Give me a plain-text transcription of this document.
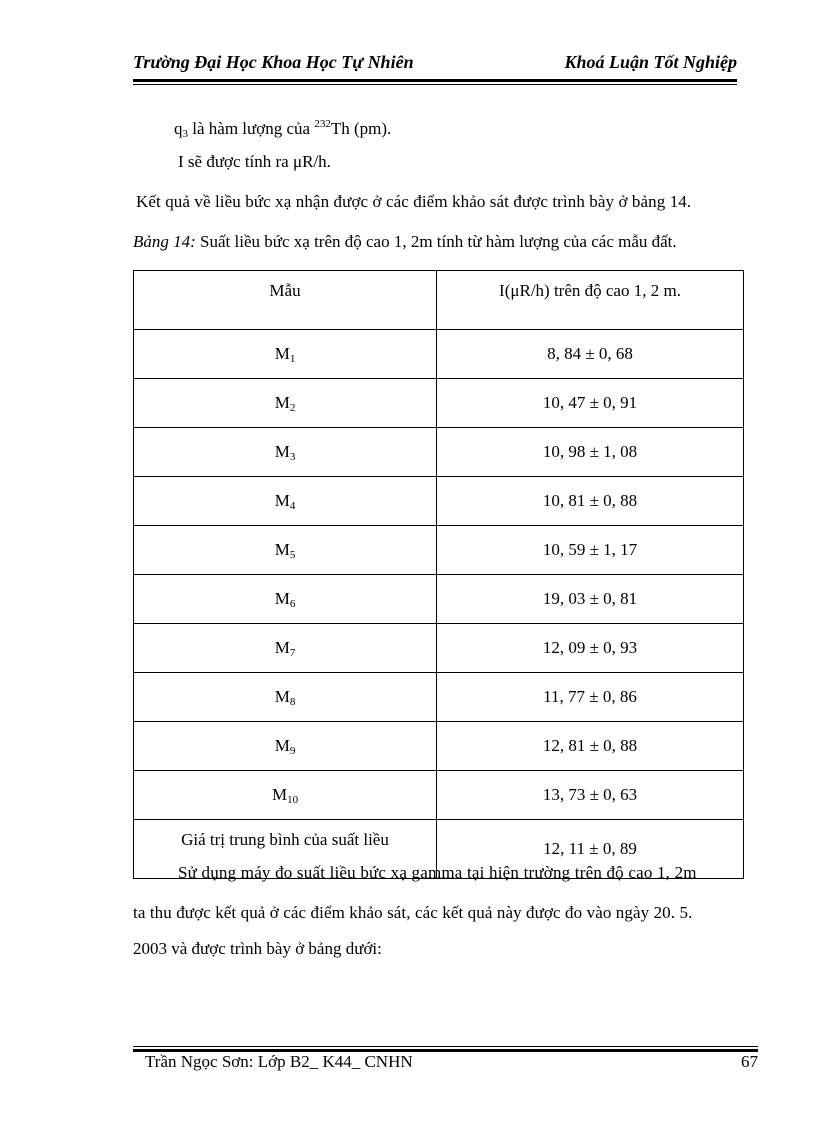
Trường Đại Học Khoa Học Tự Nhiên	Khoá Luận Tốt Nghiệp
$q_3$ là hàm lượng của $^{232}$Th (pm).
I sẽ được tính ra μR/h.
Kết quả về liều bức xạ nhận được ở các điểm khảo sát được trình bày ở bảng 14.
Bảng 14: Suất liều bức xạ trên độ cao 1, 2m tính từ hàm lượng của các mẫu đất.
Mẫu	I(μR/h) trên độ cao 1, 2 m.
$M_1$	8, 84 ± 0, 68
$M_2$	10, 47 ± 0, 91
$M_3$	10, 98 ± 1, 08
$M_4$	10, 81 ± 0, 88
$M_5$	10, 59 ± 1, 17
$M_6$	19, 03 ± 0, 81
$M_7$	12, 09 ± 0, 93
$M_8$	11, 77 ± 0, 86
$M_9$	12, 81 ± 0, 88
$M_{10}$	13, 73 ± 0, 63
Giá trị trung bình của suất liều	12, 11 ± 0, 89
Sử dụng máy đo suất liều bức xạ gamma tại hiện trường trên độ cao 1, 2m
ta thu được kết quả ở các điểm khảo sát, các kết quả này được đo vào ngày 20. 5.
2003 và được trình bày ở bảng dưới:
Trần Ngọc Sơn: Lớp B2_ K44_ CNHN	67
